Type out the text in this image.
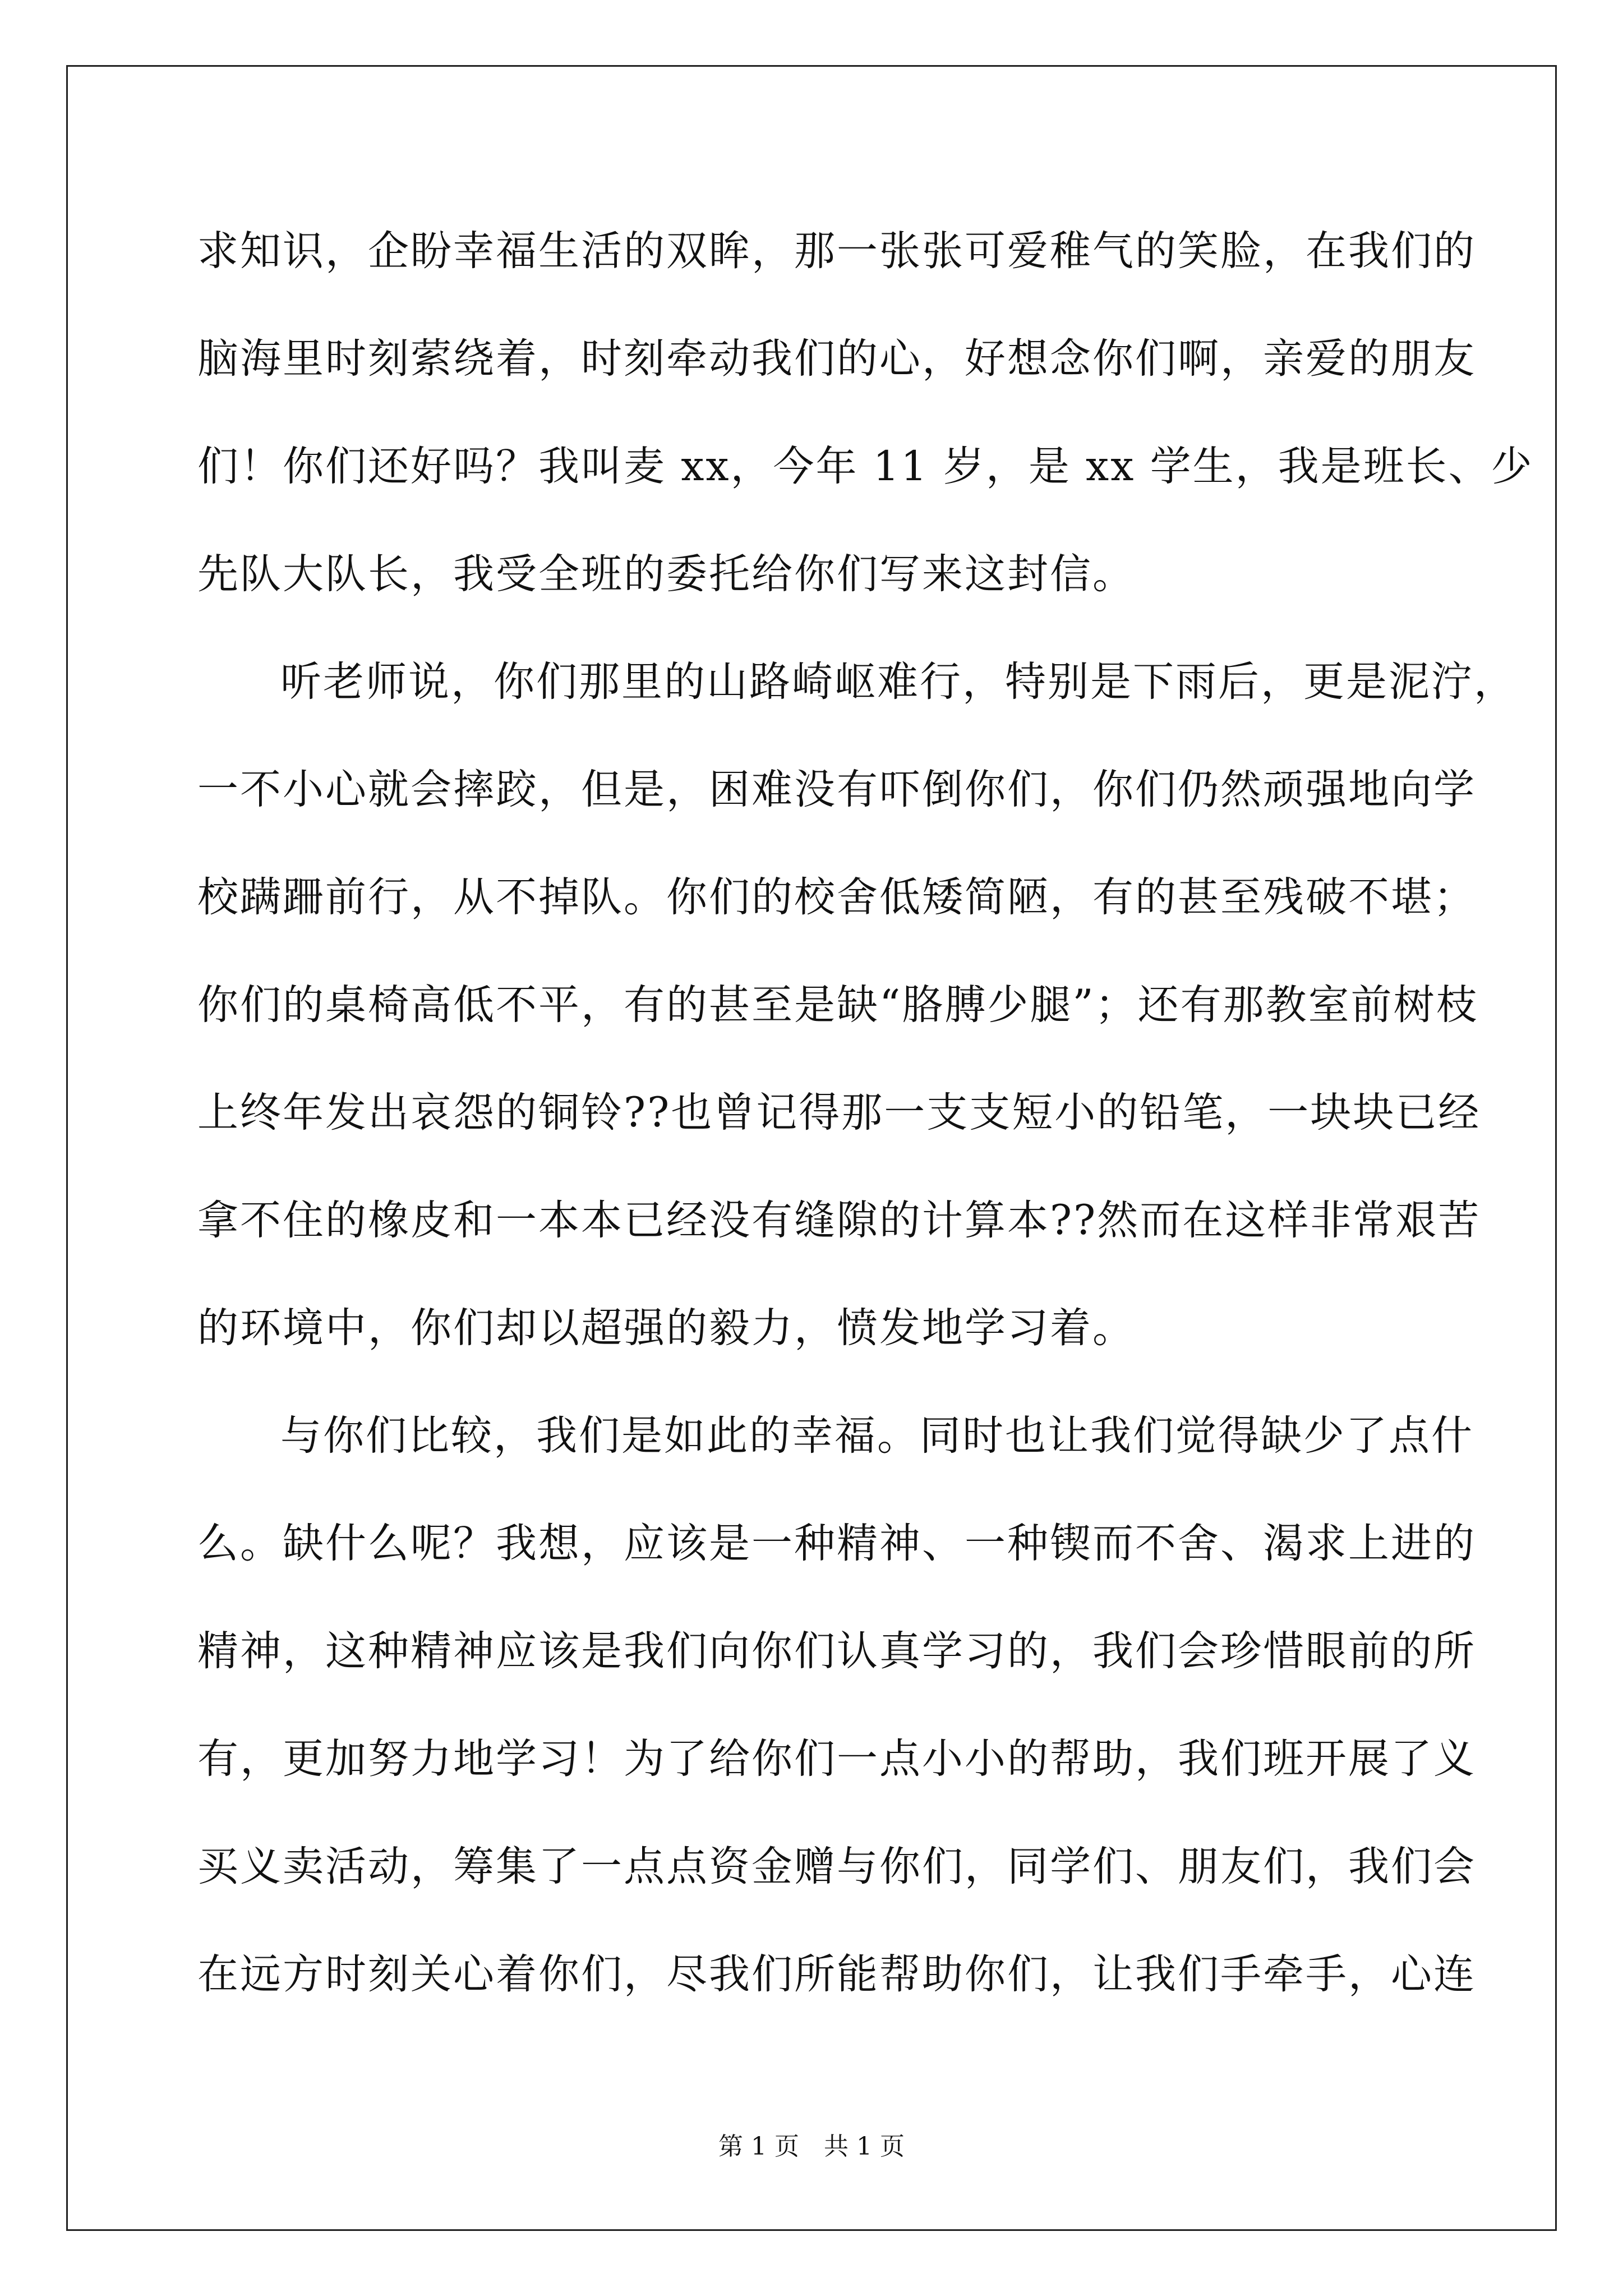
求知识，企盼幸福生活的双眸，那一张张可爱稚气的笑脸，在我们的
脑海里时刻萦绕着，时刻牵动我们的心，好想念你们啊，亲爱的朋友
们！你们还好吗？我叫麦 xx，今年 11 岁，是 xx 学生，我是班长、少
先队大队长，我受全班的委托给你们写来这封信。
听老师说，你们那里的山路崎岖难行，特别是下雨后，更是泥泞，
一不小心就会摔跤，但是，困难没有吓倒你们，你们仍然顽强地向学
校蹒跚前行，从不掉队。你们的校舍低矮简陋，有的甚至残破不堪；
你们的桌椅高低不平，有的甚至是缺“胳膊少腿”；还有那教室前树枝
上终年发出哀怨的铜铃??也曾记得那一支支短小的铅笔，一块块已经
拿不住的橡皮和一本本已经没有缝隙的计算本??然而在这样非常艰苦
的环境中，你们却以超强的毅力，愤发地学习着。
与你们比较，我们是如此的幸福。同时也让我们觉得缺少了点什
么。缺什么呢？我想，应该是一种精神、一种锲而不舍、渴求上进的
精神，这种精神应该是我们向你们认真学习的，我们会珍惜眼前的所
有，更加努力地学习！为了给你们一点小小的帮助，我们班开展了义
买义卖活动，筹集了一点点资金赠与你们，同学们、朋友们，我们会
在远方时刻关心着你们，尽我们所能帮助你们，让我们手牵手，心连
第 1 页 共 1 页
